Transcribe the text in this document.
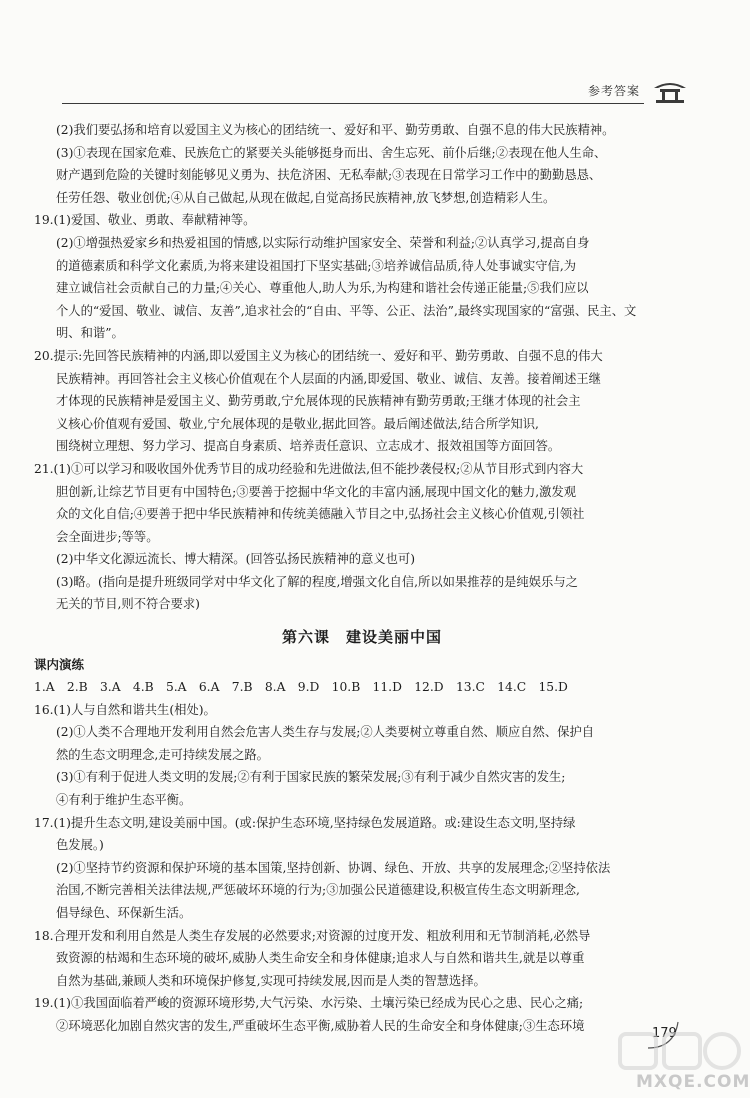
参考答案

(2)我们要弘扬和培育以爱国主义为核心的团结统一、爱好和平、勤劳勇敢、自强不息的伟大民族精神。

(3)①表现在国家危难、民族危亡的紧要关头能够挺身而出、舍生忘死、前仆后继;②表现在他人生命、

财产遇到危险的关键时刻能够见义勇为、扶危济困、无私奉献;③表现在日常学习工作中的勤勤恳恳、

任劳任怨、敬业创优;④从自己做起,从现在做起,自觉高扬民族精神,放飞梦想,创造精彩人生。

19.(1)爱国、敬业、勇敢、奉献精神等。

(2)①增强热爱家乡和热爱祖国的情感,以实际行动维护国家安全、荣誉和利益;②认真学习,提高自身

的道德素质和科学文化素质,为将来建设祖国打下坚实基础;③培养诚信品质,待人处事诚实守信,为

建立诚信社会贡献自己的力量;④关心、尊重他人,助人为乐,为构建和谐社会传递正能量;⑤我们应以

个人的“爱国、敬业、诚信、友善”,追求社会的“自由、平等、公正、法治”,最终实现国家的“富强、民主、文

明、和谐”。

20.提示:先回答民族精神的内涵,即以爱国主义为核心的团结统一、爱好和平、勤劳勇敢、自强不息的伟大

民族精神。再回答社会主义核心价值观在个人层面的内涵,即爱国、敬业、诚信、友善。接着阐述王继

才体现的民族精神是爱国主义、勤劳勇敢,宁允展体现的民族精神有勤劳勇敢;王继才体现的社会主

义核心价值观有爱国、敬业,宁允展体现的是敬业,据此回答。最后阐述做法,结合所学知识,

围绕树立理想、努力学习、提高自身素质、培养责任意识、立志成才、报效祖国等方面回答。

21.(1)①可以学习和吸收国外优秀节目的成功经验和先进做法,但不能抄袭侵权;②从节目形式到内容大

胆创新,让综艺节目更有中国特色;③要善于挖掘中华文化的丰富内涵,展现中国文化的魅力,激发观

众的文化自信;④要善于把中华民族精神和传统美德融入节目之中,弘扬社会主义核心价值观,引领社

会全面进步;等等。

(2)中华文化源远流长、博大精深。(回答弘扬民族精神的意义也可)

(3)略。(指向是提升班级同学对中华文化了解的程度,增强文化自信,所以如果推荐的是纯娱乐与之

无关的节目,则不符合要求)

第六课　建设美丽中国
课内演练

1.A　2.B　3.A　4.B　5.A　6.A　7.B　8.A　9.D　10.B　11.D　12.D　13.C　14.C　15.D

16.(1)人与自然和谐共生(相处)。

(2)①人类不合理地开发利用自然会危害人类生存与发展;②人类要树立尊重自然、顺应自然、保护自

然的生态文明理念,走可持续发展之路。

(3)①有利于促进人类文明的发展;②有利于国家民族的繁荣发展;③有利于减少自然灾害的发生;

④有利于维护生态平衡。

17.(1)提升生态文明,建设美丽中国。(或:保护生态环境,坚持绿色发展道路。或:建设生态文明,坚持绿

色发展。)

(2)①坚持节约资源和保护环境的基本国策,坚持创新、协调、绿色、开放、共享的发展理念;②坚持依法

治国,不断完善相关法律法规,严惩破坏环境的行为;③加强公民道德建设,积极宣传生态文明新理念,

倡导绿色、环保新生活。

18.合理开发和利用自然是人类生存发展的必然要求;对资源的过度开发、粗放利用和无节制消耗,必然导

致资源的枯竭和生态环境的破坏,威胁人类生命安全和身体健康;追求人与自然和谐共生,就是以尊重

自然为基础,兼顾人类和环境保护修复,实现可持续发展,因而是人类的智慧选择。

19.(1)①我国面临着严峻的资源环境形势,大气污染、水污染、土壤污染已经成为民心之患、民心之痛;

②环境恶化加剧自然灾害的发生,严重破坏生态平衡,威胁着人民的生命安全和身体健康;③生态环境

179
MXQE.COM
